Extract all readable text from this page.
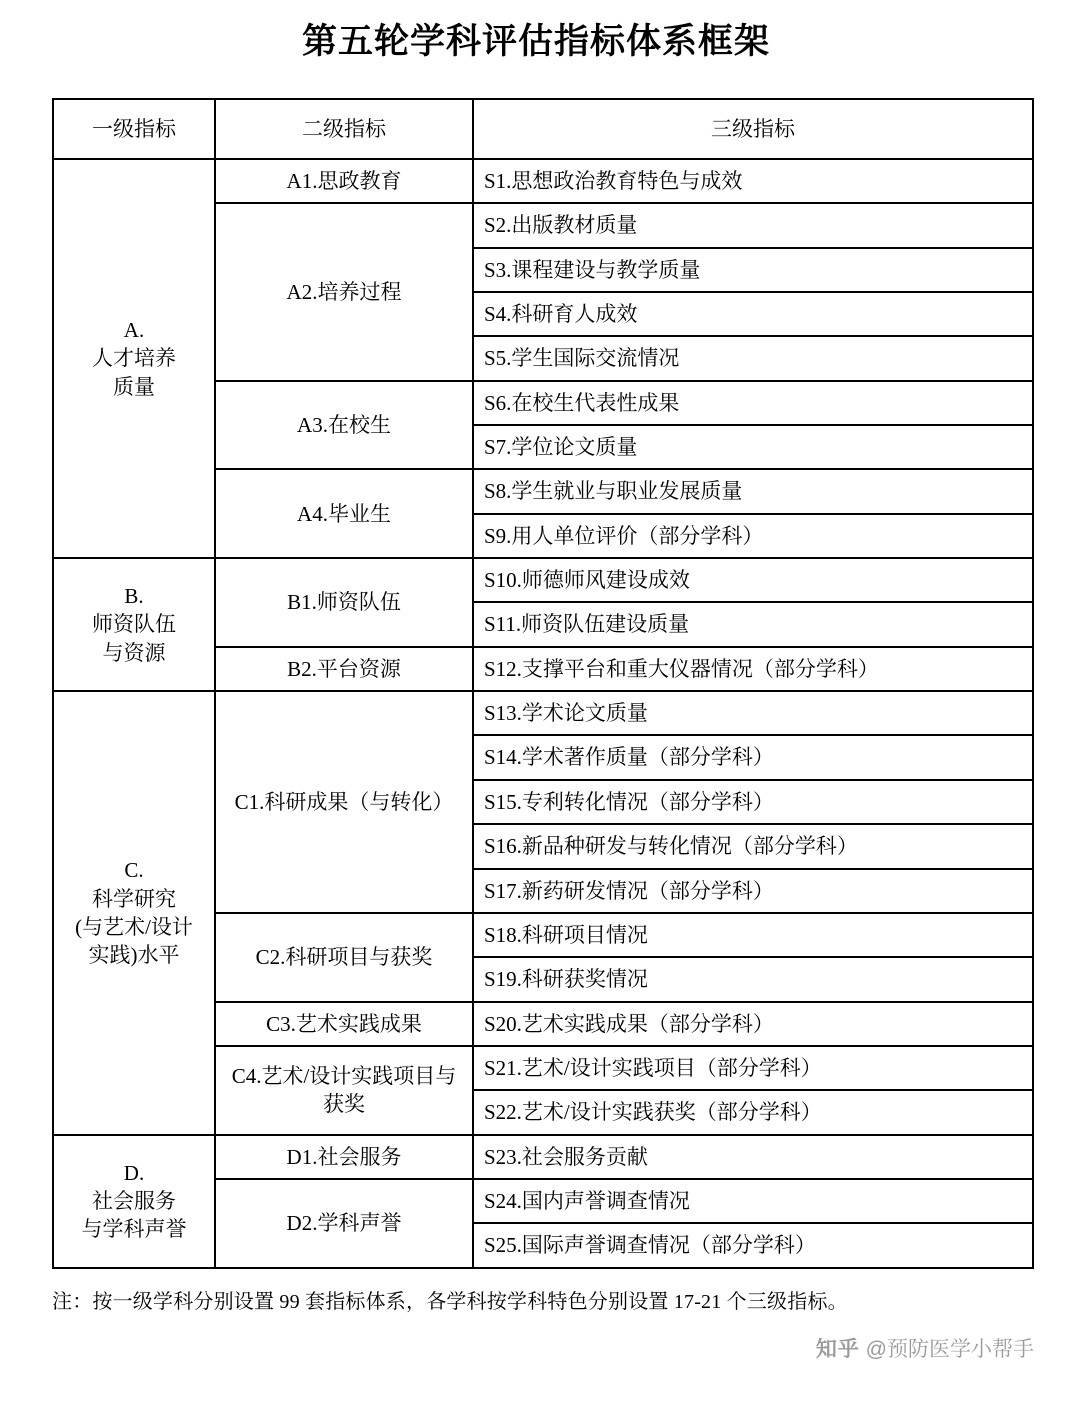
第五轮学科评估指标体系框架
一级指标	二级指标	三级指标

A.
人才培养
质量	A1.思政教育	S1.思想政治教育特色与成效
	A2.培养过程	S2.出版教材质量
		S3.课程建设与教学质量
		S4.科研育人成效
		S5.学生国际交流情况
	A3.在校生	S6.在校生代表性成果
		S7.学位论文质量
	A4.毕业生	S8.学生就业与职业发展质量
		S9.用人单位评价（部分学科）

B.
师资队伍
与资源	B1.师资队伍	S10.师德师风建设成效
		S11.师资队伍建设质量
	B2.平台资源	S12.支撑平台和重大仪器情况（部分学科）

C.
科学研究
(与艺术/设计
实践)水平	C1.科研成果（与转化）	S13.学术论文质量
		S14.学术著作质量（部分学科）
		S15.专利转化情况（部分学科）
		S16.新品种研发与转化情况（部分学科）
		S17.新药研发情况（部分学科）
	C2.科研项目与获奖	S18.科研项目情况
		S19.科研获奖情况
	C3.艺术实践成果	S20.艺术实践成果（部分学科）
	C4.艺术/设计实践项目与获奖	S21.艺术/设计实践项目（部分学科）
		S22.艺术/设计实践获奖（部分学科）

D.
社会服务
与学科声誉	D1.社会服务	S23.社会服务贡献
	D2.学科声誉	S24.国内声誉调查情况
		S25.国际声誉调查情况（部分学科）
注：按一级学科分别设置 99 套指标体系，各学科按学科特色分别设置 17-21 个三级指标。
知乎 @预防医学小帮手
